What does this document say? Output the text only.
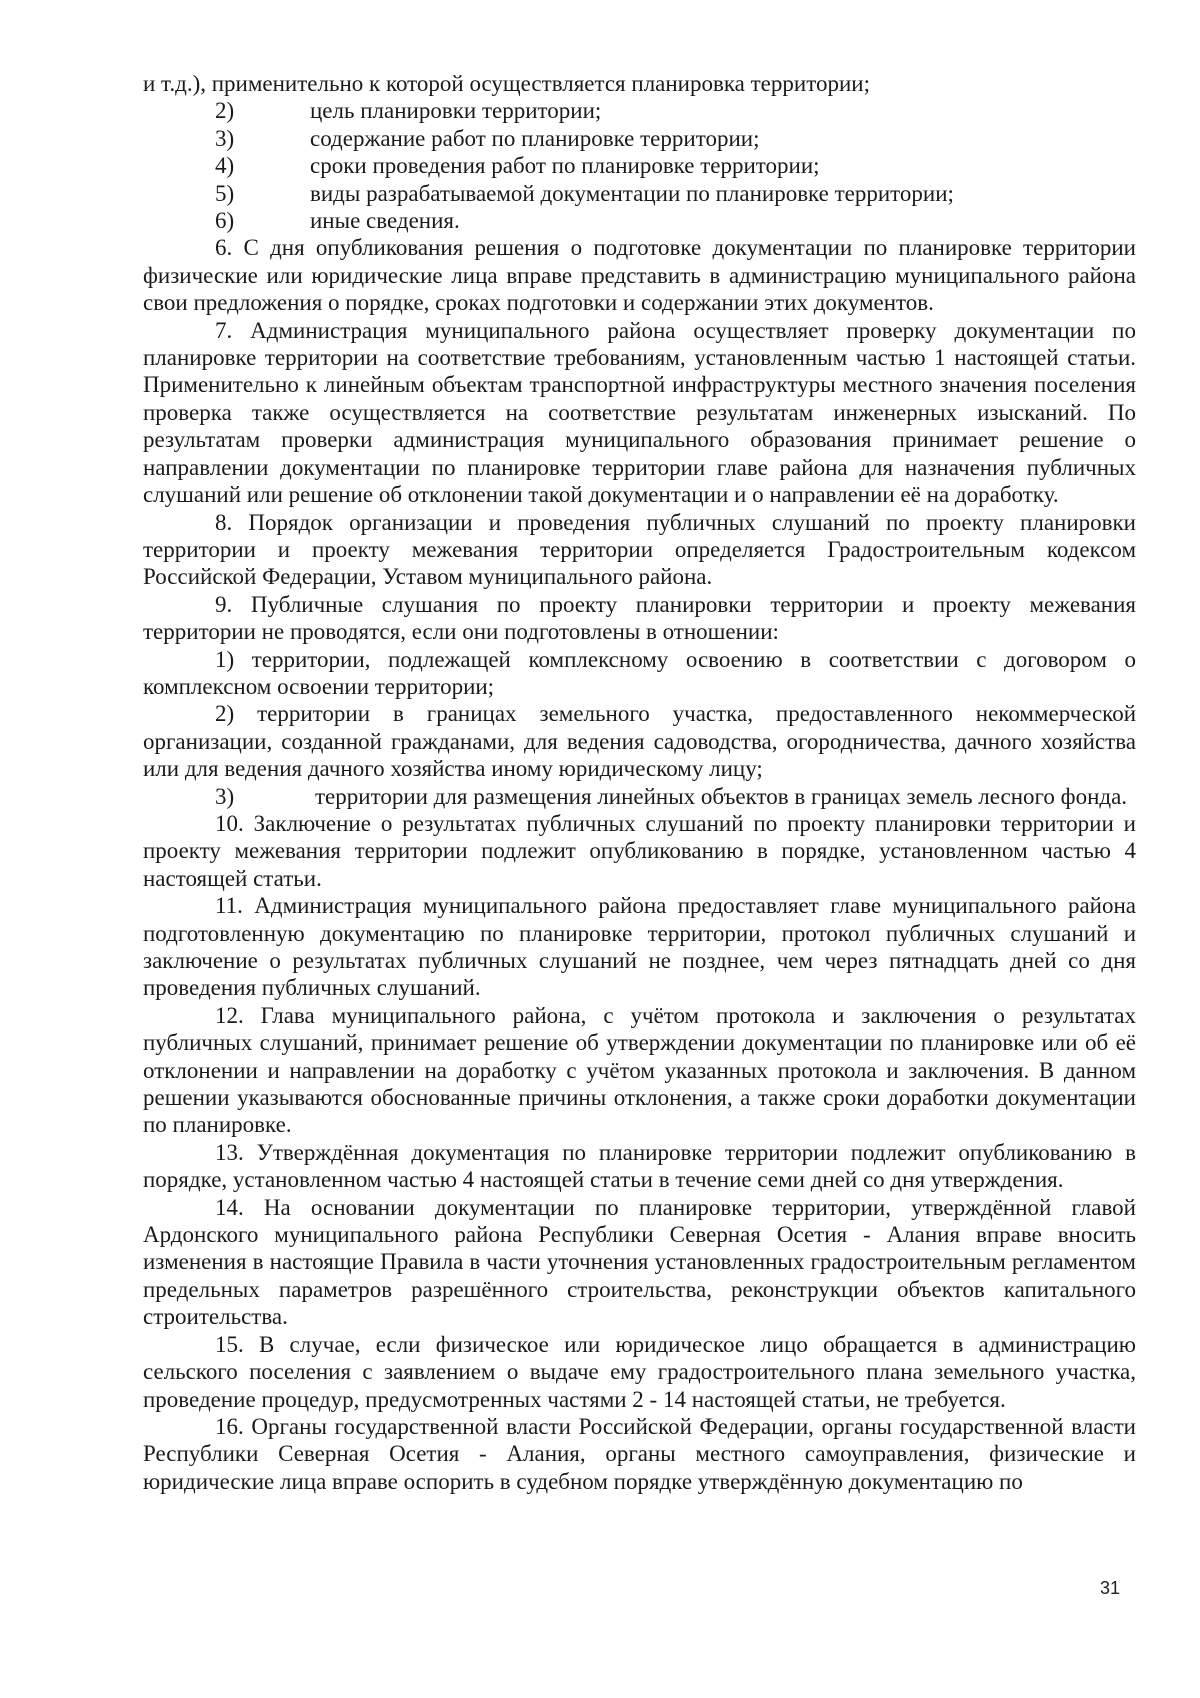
и т.д.), применительно к которой осуществляется планировка территории;

2)	цель планировки территории;
3)	содержание работ по планировке территории;
4)	сроки проведения работ по планировке территории;
5)	виды разрабатываемой документации по планировке территории;
6)	иные сведения.

6. С дня опубликования решения о подготовке документации по планировке территории физические или юридические лица вправе представить в администрацию муниципального района свои предложения о порядке, сроках подготовки и содержании этих документов.

7. Администрация муниципального района осуществляет проверку документации по планировке территории на соответствие требованиям, установленным частью 1 настоящей статьи. Применительно к линейным объектам транспортной инфраструктуры местного значения поселения проверка также осуществляется на соответствие результатам инженерных изысканий. По результатам проверки администрация муниципального образования принимает решение о направлении документации по планировке территории главе района для назначения публичных слушаний или решение об отклонении такой документации и о направлении её на доработку.

8. Порядок организации и проведения публичных слушаний по проекту планировки территории и проекту межевания территории определяется Градостроительным кодексом Российской Федерации, Уставом муниципального района.

9. Публичные слушания по проекту планировки территории и проекту межевания территории не проводятся, если они подготовлены в отношении:

1) территории, подлежащей комплексному освоению в соответствии с договором о комплексном освоении территории;

2) территории в границах земельного участка, предоставленного некоммерческой организации, созданной гражданами, для ведения садоводства, огородничества, дачного хозяйства или для ведения дачного хозяйства иному юридическому лицу;

3)	территории для размещения линейных объектов в границах земель лесного фонда.

10. Заключение о результатах публичных слушаний по проекту планировки территории и проекту межевания территории подлежит опубликованию в порядке, установленном частью 4 настоящей статьи.

11. Администрация муниципального района предоставляет главе муниципального района подготовленную документацию по планировке территории, протокол публичных слушаний и заключение о результатах публичных слушаний не позднее, чем через пятнадцать дней со дня проведения публичных слушаний.

12. Глава муниципального района, с учётом протокола и заключения о результатах публичных слушаний, принимает решение об утверждении документации по планировке или об её отклонении и направлении на доработку с учётом указанных протокола и заключения. В данном решении указываются обоснованные причины отклонения, а также сроки доработки документации по планировке.

13. Утверждённая документация по планировке территории подлежит опубликованию в порядке, установленном частью 4 настоящей статьи в течение семи дней со дня утверждения.

14. На основании документации по планировке территории, утверждённой главой Ардонского муниципального района Республики Северная Осетия - Алания вправе вносить изменения в настоящие Правила в части уточнения установленных градостроительным регламентом предельных параметров разрешённого строительства, реконструкции объектов капитального строительства.

15. В случае, если физическое или юридическое лицо обращается в администрацию сельского поселения с заявлением о выдаче ему градостроительного плана земельного участка, проведение процедур, предусмотренных частями 2 - 14 настоящей статьи, не требуется.

16. Органы государственной власти Российской Федерации, органы государственной власти Республики Северная Осетия - Алания, органы местного самоуправления, физические и юридические лица вправе оспорить в судебном порядке утверждённую документацию по

31
